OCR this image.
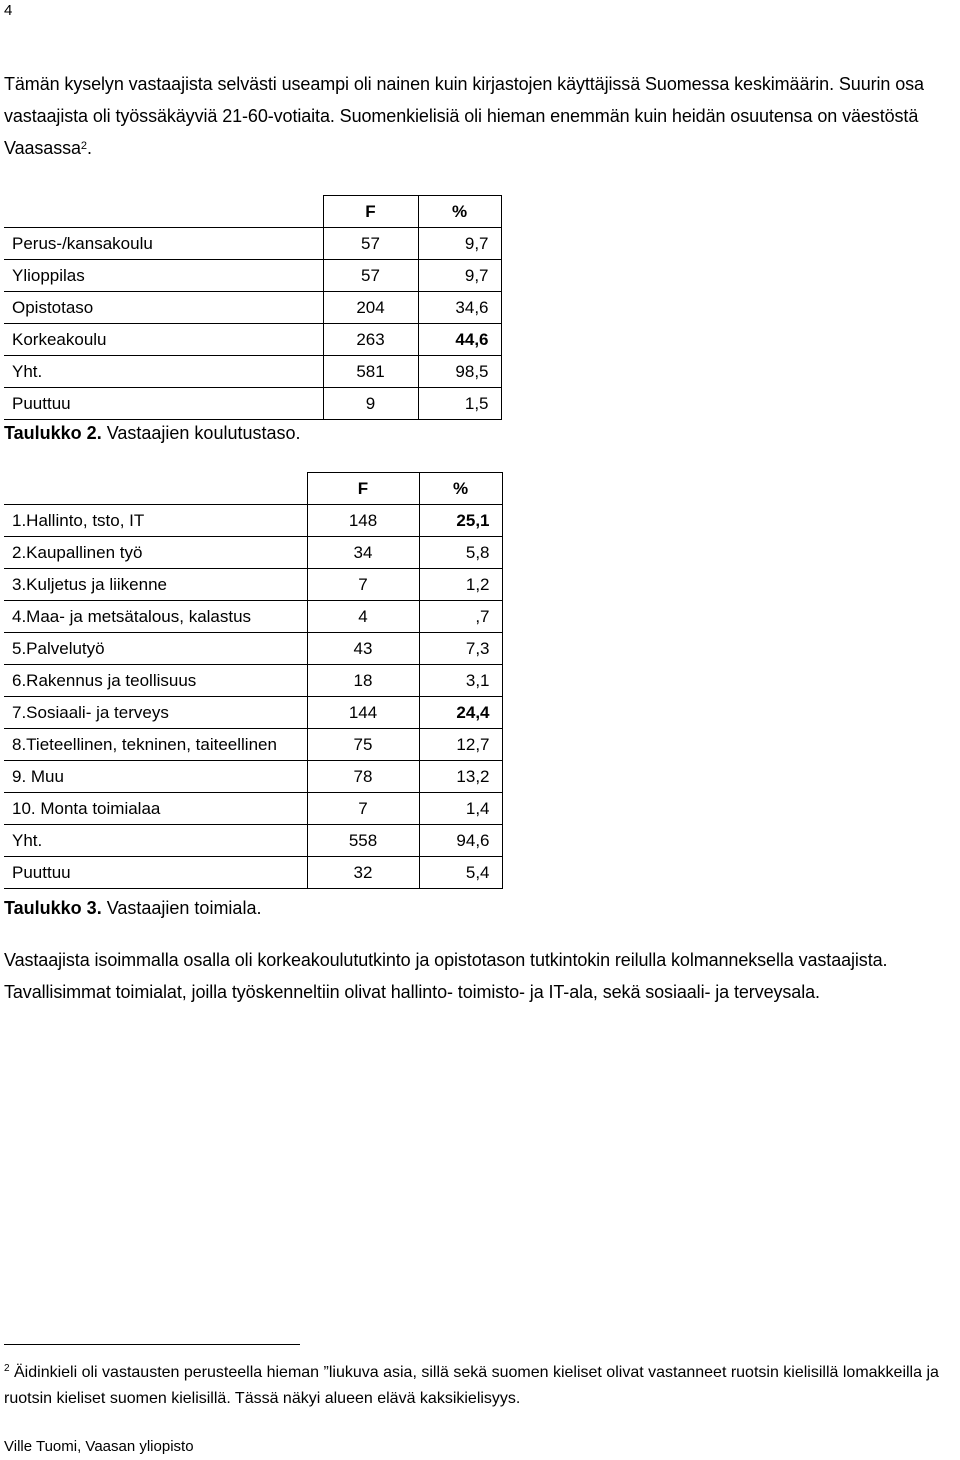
4
Tämän kyselyn vastaajista selvästi useampi oli nainen kuin kirjastojen käyttäjissä Suomessa keskimäärin. Suurin osa vastaajista oli työssäkäyviä 21-60-votiaita. Suomenkielisiä oli hieman enemmän kuin heidän osuutensa on väestöstä Vaasassa$^2$.
	F	%
Perus-/kansakoulu	57	9,7
Ylioppilas	57	9,7
Opistotaso	204	34,6
Korkeakoulu	263	44,6
Yht.	581	98,5
Puuttuu	9	1,5
Taulukko 2. Vastaajien koulutustaso.
	F	%
1.Hallinto, tsto, IT	148	25,1
2.Kaupallinen työ	34	5,8
3.Kuljetus ja liikenne	7	1,2
4.Maa- ja metsätalous, kalastus	4	,7
5.Palvelutyö	43	7,3
6.Rakennus ja teollisuus	18	3,1
7.Sosiaali- ja terveys	144	24,4
8.Tieteellinen, tekninen, taiteellinen	75	12,7
9. Muu	78	13,2
10. Monta toimialaa	7	1,4
Yht.	558	94,6
Puuttuu	32	5,4
Taulukko 3. Vastaajien toimiala.
Vastaajista isoimmalla osalla oli korkeakoulututkinto ja opistotason tutkintokin reilulla kolmanneksella vastaajista. Tavallisimmat toimialat, joilla työskenneltiin olivat hallinto- toimisto- ja IT-ala, sekä sosiaali- ja terveysala.
$^2$ Äidinkieli oli vastausten perusteella hieman ”liukuva asia, sillä sekä suomen kieliset olivat vastanneet ruotsin kielisillä lomakkeilla ja ruotsin kieliset suomen kielisillä. Tässä näkyi alueen elävä kaksikielisyys.
Ville Tuomi, Vaasan yliopisto
